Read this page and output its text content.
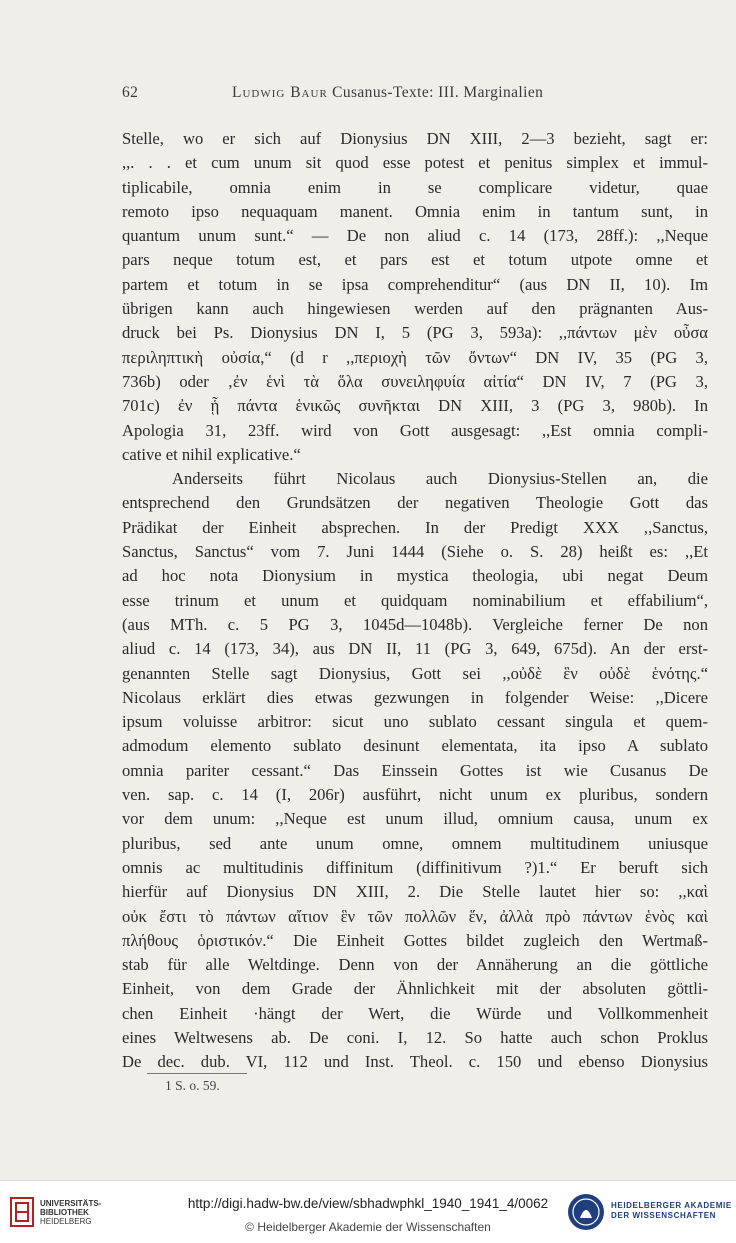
62	Ludwig Baur Cusanus-Texte: III. Marginalien
Stelle, wo er sich auf Dionysius DN XIII, 2—3 bezieht, sagt er:
,,. . . et cum unum sit quod esse potest et penitus simplex et immul-
tiplicabile, omnia enim in se complicare videtur, quae
remoto ipso nequaquam manent. Omnia enim in tantum sunt, in
quantum unum sunt.“ — De non aliud c. 14 (173, 28ff.): ,,Neque
pars neque totum est, et pars est et totum utpote omne et
partem et totum in se ipsa comprehenditur“ (aus DN II, 10). Im
übrigen kann auch hingewiesen werden auf den prägnanten Aus-
druck bei Ps. Dionysius DN I, 5 (PG 3, 593a): ,,πάντων μὲν οὖσα
περιληπτικὴ οὐσία,“ (d r ,,περιοχὴ τῶν ὄντων“ DN IV, 35 (PG 3,
736b) oder ‚ἐν ἑνὶ τὰ ὅλα συνειληφυία αἰτία“ DN IV, 7 (PG 3,
701c) ἐν ᾗ πάντα ἑνικῶς συνῆκται DN XIII, 3 (PG 3, 980b). In
Apologia 31, 23ff. wird von Gott ausgesagt: ,,Est omnia compli-
cative et nihil explicative.“
Anderseits führt Nicolaus auch Dionysius-Stellen an, die
entsprechend den Grundsätzen der negativen Theologie Gott das
Prädikat der Einheit absprechen. In der Predigt XXX ,,Sanctus,
Sanctus, Sanctus“ vom 7. Juni 1444 (Siehe o. S. 28) heißt es: ,,Et
ad hoc nota Dionysium in mystica theologia, ubi negat Deum
esse trinum et unum et quidquam nominabilium et effabilium“,
(aus MTh. c. 5 PG 3, 1045d—1048b). Vergleiche ferner De non
aliud c. 14 (173, 34), aus DN II, 11 (PG 3, 649, 675d). An der erst-
genannten Stelle sagt Dionysius, Gott sei ,,οὐδὲ ἓν οὐδὲ ἑνότης.“
Nicolaus erklärt dies etwas gezwungen in folgender Weise: ,,Dicere
ipsum voluisse arbitror: sicut uno sublato cessant singula et quem-
admodum elemento sublato desinunt elementata, ita ipso A sublato
omnia pariter cessant.“ Das Einssein Gottes ist wie Cusanus De
ven. sap. c. 14 (I, 206r) ausführt, nicht unum ex pluribus, sondern
vor dem unum: ,,Neque est unum illud, omnium causa, unum ex
pluribus, sed ante unum omne, omnem multitudinem uniusque
omnis ac multitudinis diffinitum (diffinitivum ?)1.“ Er beruft sich
hierfür auf Dionysius DN XIII, 2. Die Stelle lautet hier so: ,,καὶ
οὐκ ἔστι τὸ πάντων αἴτιον ἓν τῶν πολλῶν ἕν, ἀλλὰ πρὸ πάντων ἑνὸς καὶ
πλήθους ὁριστικόν.“ Die Einheit Gottes bildet zugleich den Wertmaß-
stab für alle Weltdinge. Denn von der Annäherung an die göttliche
Einheit, von dem Grade der Ähnlichkeit mit der absoluten göttli-
chen Einheit ·hängt der Wert, die Würde und Vollkommenheit
eines Weltwesens ab. De coni. I, 12. So hatte auch schon Proklus
De dec. dub. VI, 112 und Inst. Theol. c. 150 und ebenso Dionysius
1 S. o. 59.
UNIVERSITÄTS-
BIBLIOTHEK
HEIDELBERG
http://digi.hadw-bw.de/view/sbhadwphkl_1940_1941_4/0062
© Heidelberger Akademie der Wissenschaften
HEIDELBERGER AKADEMIE
DER WISSENSCHAFTEN
